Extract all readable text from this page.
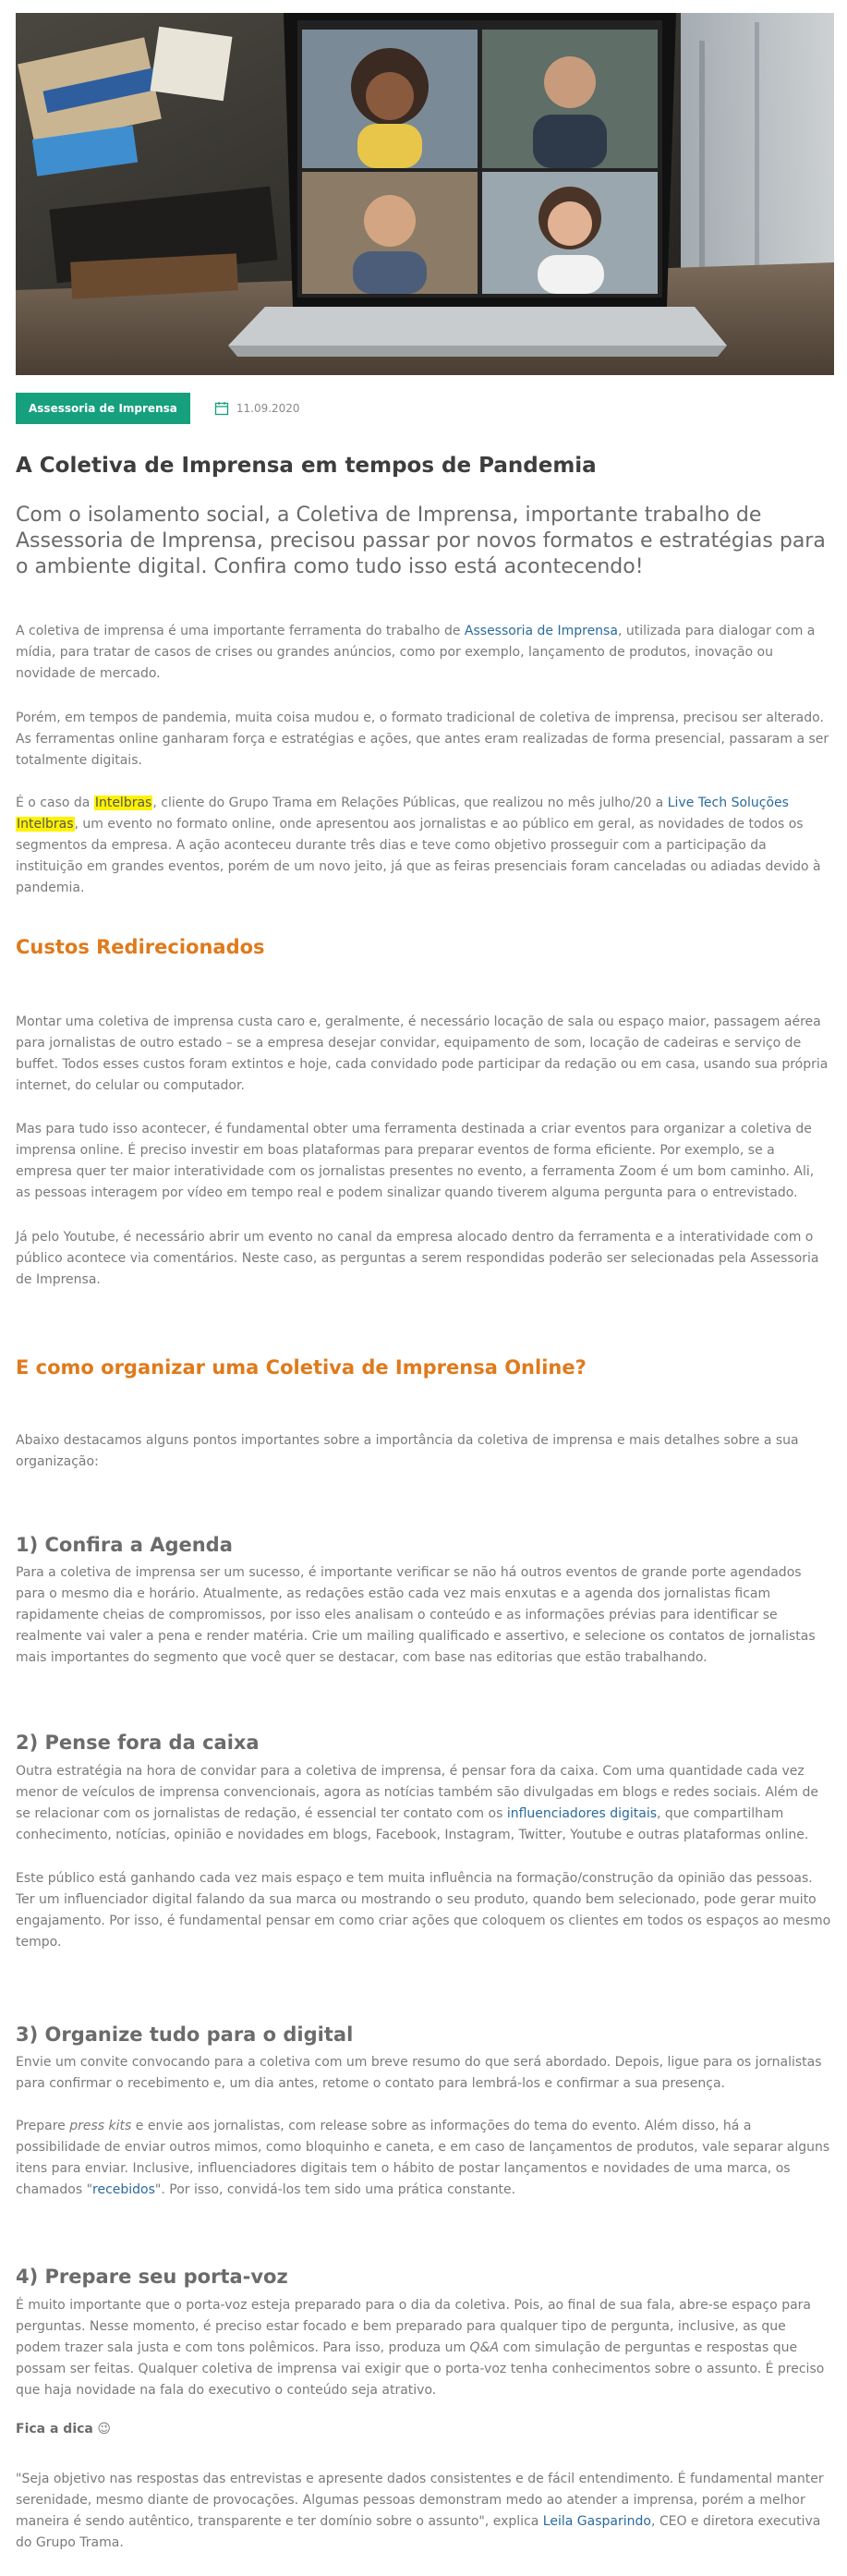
Assessoria de Imprensa	11.09.2020
A Coletiva de Imprensa em tempos de Pandemia
Com o isolamento social, a Coletiva de Imprensa, importante trabalho de Assessoria de Imprensa, precisou passar por novos formatos e estratégias para o ambiente digital. Confira como tudo isso está acontecendo!

A coletiva de imprensa é uma importante ferramenta do trabalho de Assessoria de Imprensa, utilizada para dialogar com a mídia, para tratar de casos de crises ou grandes anúncios, como por exemplo, lançamento de produtos, inovação ou novidade de mercado.

Porém, em tempos de pandemia, muita coisa mudou e, o formato tradicional de coletiva de imprensa, precisou ser alterado. As ferramentas online ganharam força e estratégias e ações, que antes eram realizadas de forma presencial, passaram a ser totalmente digitais.

É o caso da Intelbras, cliente do Grupo Trama em Relações Públicas, que realizou no mês julho/20 a Live Tech Soluções Intelbras, um evento no formato online, onde apresentou aos jornalistas e ao público em geral, as novidades de todos os segmentos da empresa. A ação aconteceu durante três dias e teve como objetivo prosseguir com a participação da instituição em grandes eventos, porém de um novo jeito, já que as feiras presenciais foram canceladas ou adiadas devido à pandemia.

Custos Redirecionados

Montar uma coletiva de imprensa custa caro e, geralmente, é necessário locação de sala ou espaço maior, passagem aérea para jornalistas de outro estado – se a empresa desejar convidar, equipamento de som, locação de cadeiras e serviço de buffet. Todos esses custos foram extintos e hoje, cada convidado pode participar da redação ou em casa, usando sua própria internet, do celular ou computador.

Mas para tudo isso acontecer, é fundamental obter uma ferramenta destinada a criar eventos para organizar a coletiva de imprensa online. É preciso investir em boas plataformas para preparar eventos de forma eficiente. Por exemplo, se a empresa quer ter maior interatividade com os jornalistas presentes no evento, a ferramenta Zoom é um bom caminho. Ali, as pessoas interagem por vídeo em tempo real e podem sinalizar quando tiverem alguma pergunta para o entrevistado.

Já pelo Youtube, é necessário abrir um evento no canal da empresa alocado dentro da ferramenta e a interatividade com o público acontece via comentários. Neste caso, as perguntas a serem respondidas poderão ser selecionadas pela Assessoria de Imprensa.

E como organizar uma Coletiva de Imprensa Online?

Abaixo destacamos alguns pontos importantes sobre a importância da coletiva de imprensa e mais detalhes sobre a sua organização:

1) Confira a Agenda

Para a coletiva de imprensa ser um sucesso, é importante verificar se não há outros eventos de grande porte agendados para o mesmo dia e horário. Atualmente, as redações estão cada vez mais enxutas e a agenda dos jornalistas ficam rapidamente cheias de compromissos, por isso eles analisam o conteúdo e as informações prévias para identificar se realmente vai valer a pena e render matéria. Crie um mailing qualificado e assertivo, e selecione os contatos de jornalistas mais importantes do segmento que você quer se destacar, com base nas editorias que estão trabalhando.

2) Pense fora da caixa

Outra estratégia na hora de convidar para a coletiva de imprensa, é pensar fora da caixa. Com uma quantidade cada vez menor de veículos de imprensa convencionais, agora as notícias também são divulgadas em blogs e redes sociais. Além de se relacionar com os jornalistas de redação, é essencial ter contato com os influenciadores digitais, que compartilham conhecimento, notícias, opinião e novidades em blogs, Facebook, Instagram, Twitter, Youtube e outras plataformas online.

Este público está ganhando cada vez mais espaço e tem muita influência na formação/construção da opinião das pessoas. Ter um influenciador digital falando da sua marca ou mostrando o seu produto, quando bem selecionado, pode gerar muito engajamento. Por isso, é fundamental pensar em como criar ações que coloquem os clientes em todos os espaços ao mesmo tempo.

3) Organize tudo para o digital

Envie um convite convocando para a coletiva com um breve resumo do que será abordado. Depois, ligue para os jornalistas para confirmar o recebimento e, um dia antes, retome o contato para lembrá-los e confirmar a sua presença.

Prepare press kits e envie aos jornalistas, com release sobre as informações do tema do evento. Além disso, há a possibilidade de enviar outros mimos, como bloquinho e caneta, e em caso de lançamentos de produtos, vale separar alguns itens para enviar. Inclusive, influenciadores digitais tem o hábito de postar lançamentos e novidades de uma marca, os chamados "recebidos". Por isso, convidá-los tem sido uma prática constante.

4) Prepare seu porta-voz

É muito importante que o porta-voz esteja preparado para o dia da coletiva. Pois, ao final de sua fala, abre-se espaço para perguntas. Nesse momento, é preciso estar focado e bem preparado para qualquer tipo de pergunta, inclusive, as que podem trazer sala justa e com tons polêmicos. Para isso, produza um Q&A com simulação de perguntas e respostas que possam ser feitas. Qualquer coletiva de imprensa vai exigir que o porta-voz tenha conhecimentos sobre o assunto. É preciso que haja novidade na fala do executivo o conteúdo seja atrativo.

Fica a dica 😉

"Seja objetivo nas respostas das entrevistas e apresente dados consistentes e de fácil entendimento. É fundamental manter serenidade, mesmo diante de provocações. Algumas pessoas demonstram medo ao atender a imprensa, porém a melhor maneira é sendo autêntico, transparente e ter domínio sobre o assunto", explica Leila Gasparindo, CEO e diretora executiva do Grupo Trama.
